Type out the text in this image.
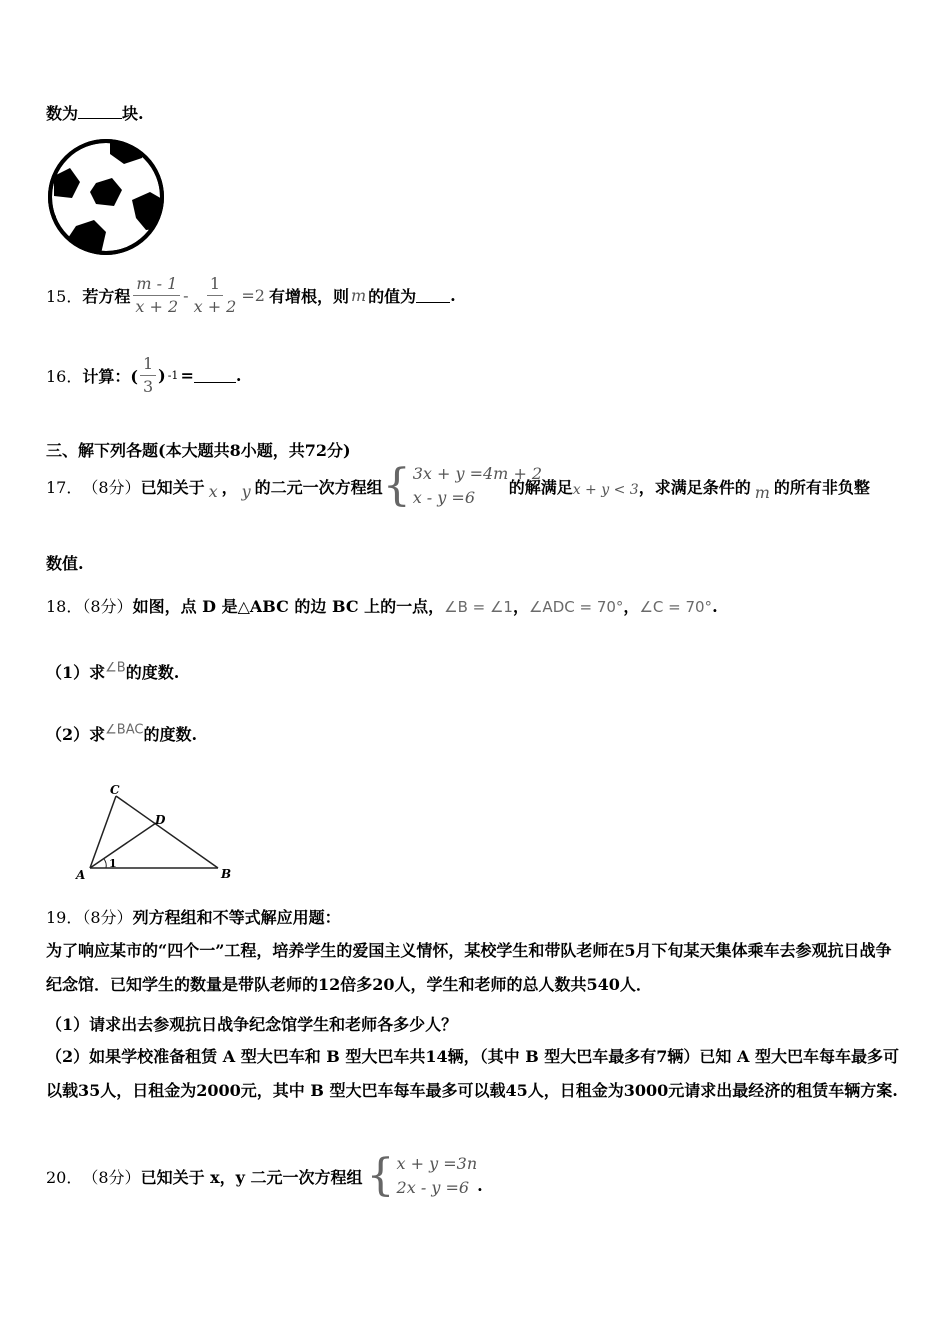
数为	块.
15． 若方程 $\frac{m - 1}{x + 2} - \frac{1}{x + 2} =2$ 有增根，则 m 的值为 .
16． 计算：( $\frac{1}{3}$ ) -1 =	.
三、解下列各题(本大题共8小题，共72分)
17． （8分） 已知关于 x ， y 的二元一次方程组 { 3x + y =4m + 2
x - y =6
的解满足 x + y < 3 ，求满足条件的 m 的所有非负整
数值.
18．（8分）如图，点 D 是△ABC 的边 BC 上的一点，∠B = ∠1，∠ADC = 70°，∠C = 70°.
（1）求$^{\angle B}$的度数.
（2）求$^{\angle BAC}$的度数.
C
D
A	B
1
19．（8分）列方程组和不等式解应用题：
为了响应某市的“四个一”工程，培养学生的爱国主义情怀，某校学生和带队老师在5月下旬某天集体乘车去参观抗日战争纪念馆．已知学生的数量是带队老师的12倍多20人，学生和老师的总人数共540人．
（1）请求出去参观抗日战争纪念馆学生和老师各多少人？
（2）如果学校准备租赁 A 型大巴车和 B 型大巴车共14辆，（其中 B 型大巴车最多有7辆）已知 A 型大巴车每车最多可以载35人，日租金为2000元，其中 B 型大巴车每车最多可以载45人，日租金为3000元请求出最经济的租赁车辆方案.
20． （8分） 已知关于 x，y 二元一次方程组 { x + y =3n
2x - y =6 .
